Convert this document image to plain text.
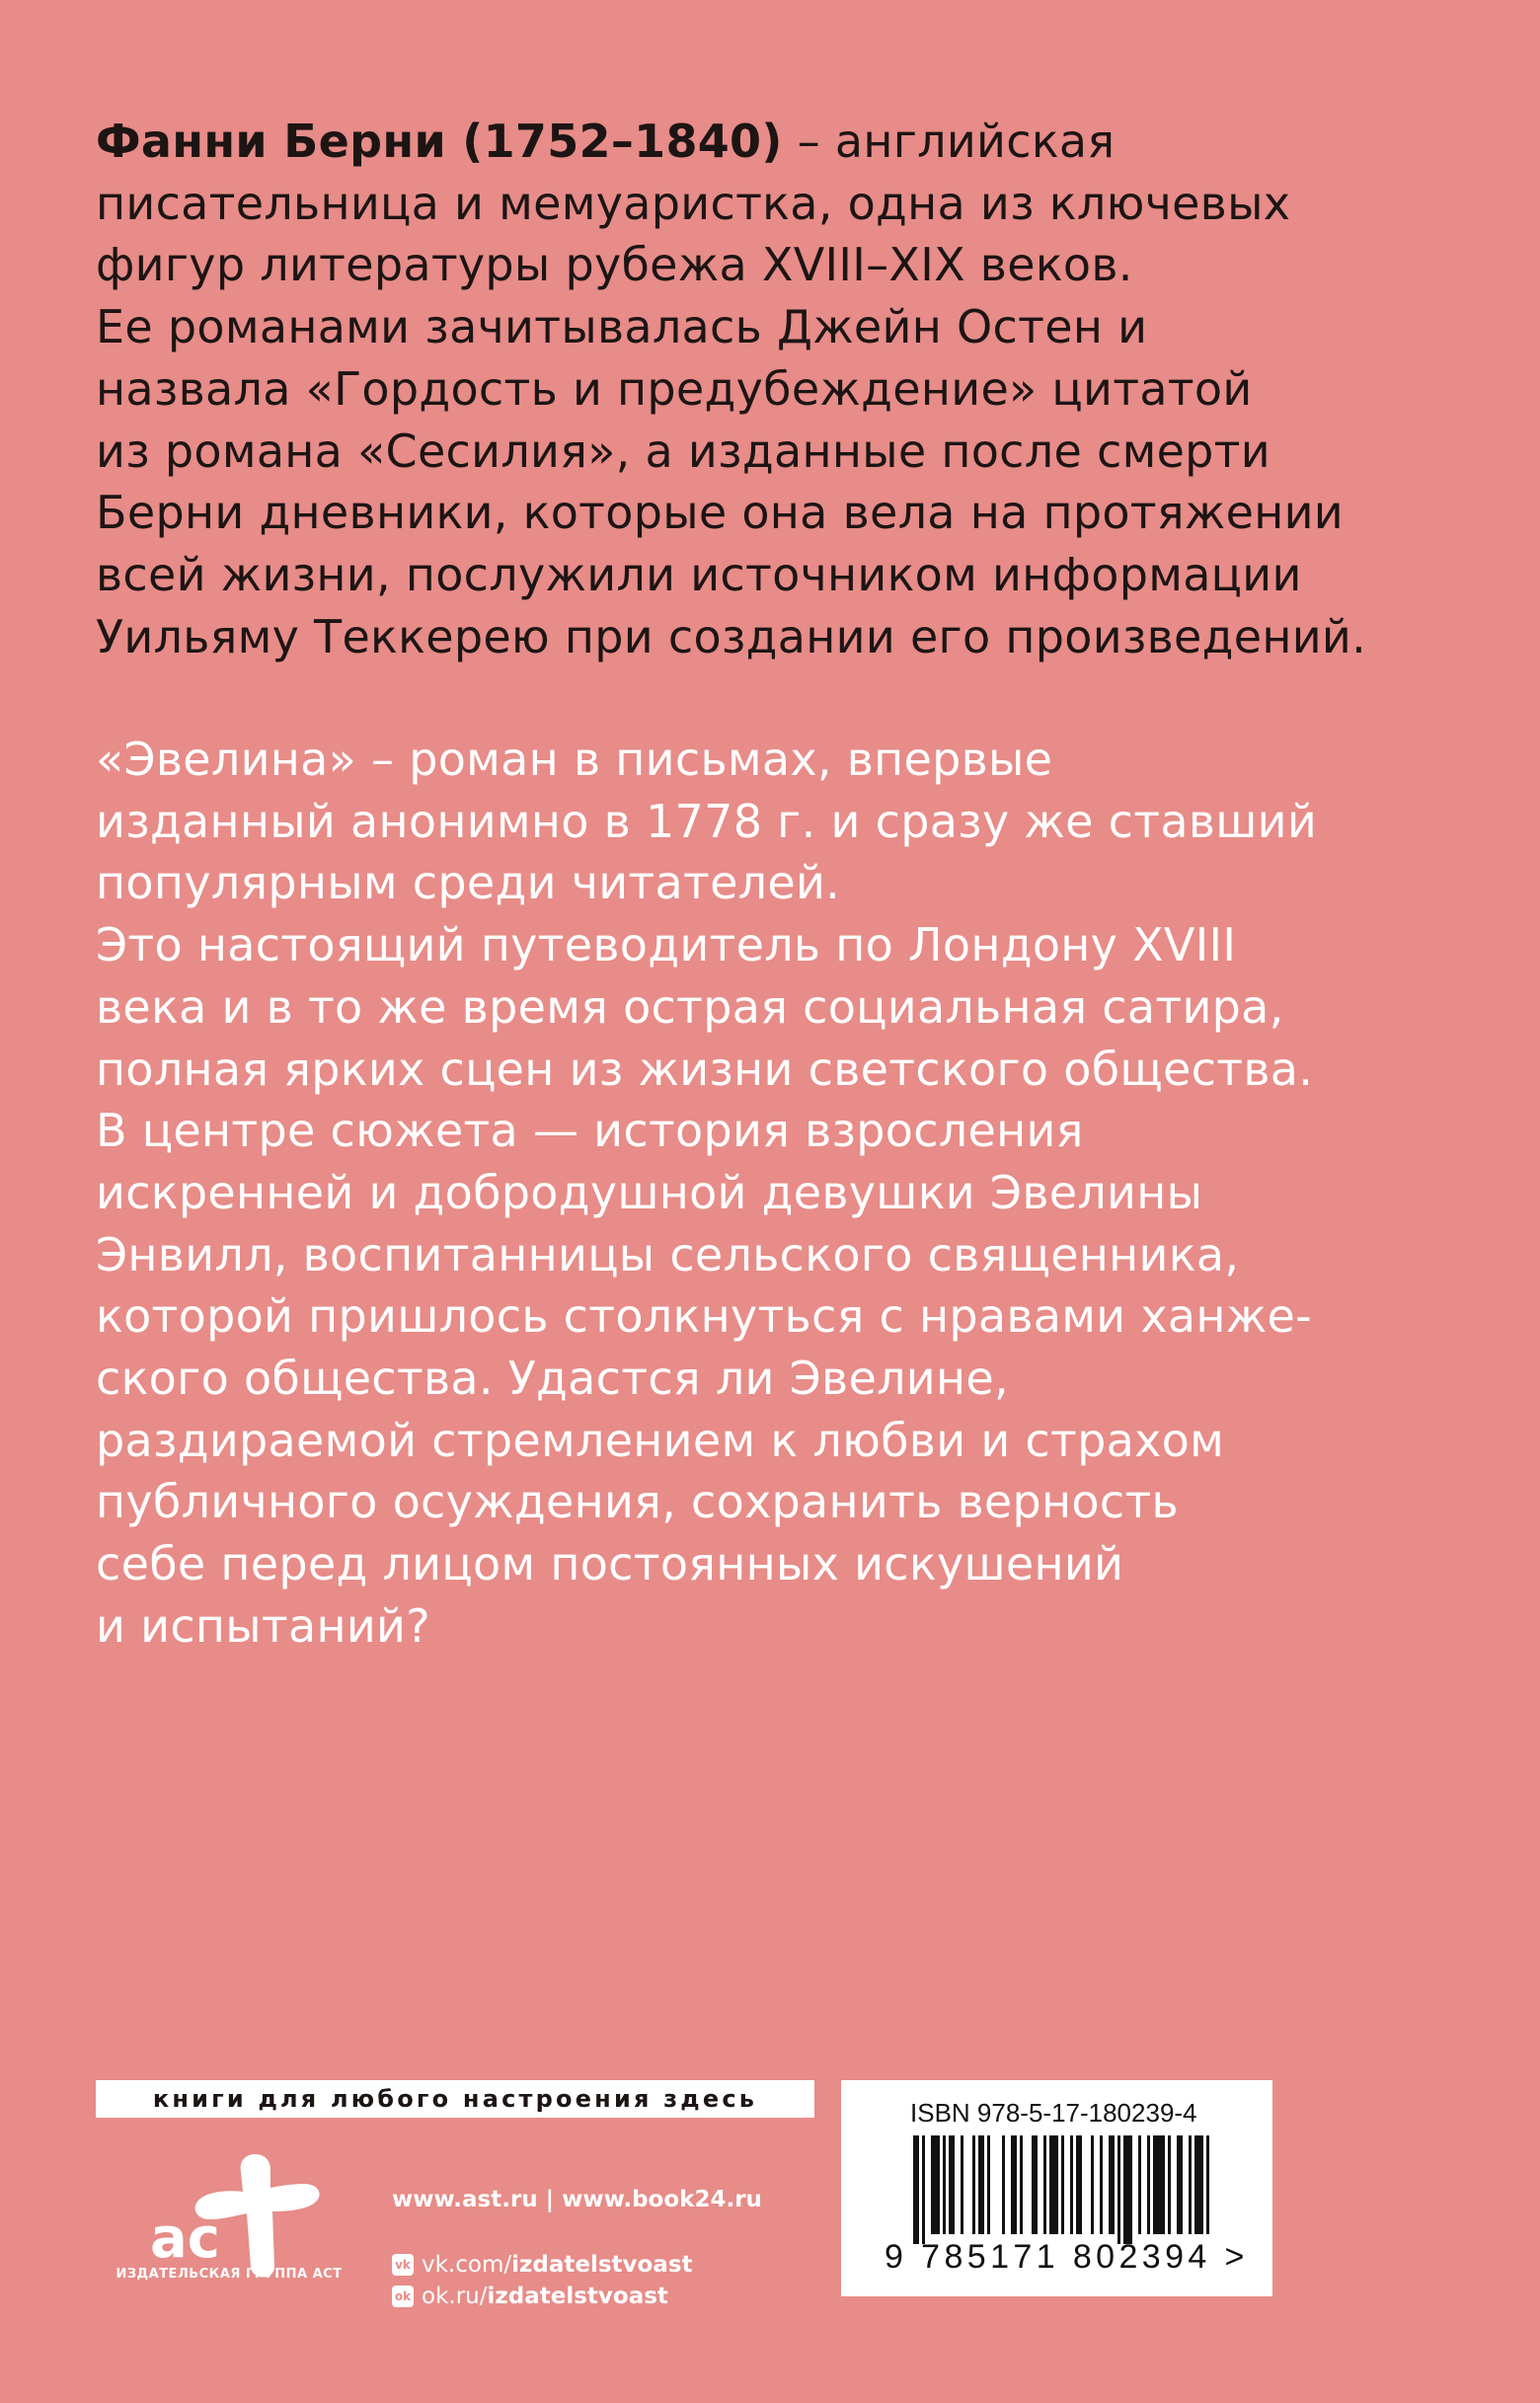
Фанни Берни (1752–1840) – английская
писательница и мемуаристка, одна из ключевых
фигур литературы рубежа XVIII–XIX веков.
Ее романами зачитывалась Джейн Остен и
назвала «Гордость и предубеждение» цитатой
из романа «Сесилия», а изданные после смерти
Берни дневники, которые она вела на протяжении
всей жизни, послужили источником информации
Уильяму Теккерею при создании его произведений.
«Эвелина» – роман в письмах, впервые
изданный анонимно в 1778 г. и сразу же ставший
популярным среди читателей.
Это настоящий путеводитель по Лондону XVIII
века и в то же время острая социальная сатира,
полная ярких сцен из жизни светского общества.
В центре сюжета — история взросления
искренней и добродушной девушки Эвелины
Энвилл, воспитанницы сельского священника,
которой пришлось столкнуться с нравами ханже-
ского общества. Удастся ли Эвелине,
раздираемой стремлением к любви и страхом
публичного осуждения, сохранить верность
себе перед лицом постоянных искушений
и испытаний?
книги для любого настроения здесь
ас
ИЗДАТЕЛЬСКАЯ ГРУППА АСТ
www.ast.ru | www.book24.ru
vk vk.com/ izdatelstvoast
ok ok.ru/ izdatelstvoast
ISBN 978-5-17-180239-4
9 785171 802394 >
